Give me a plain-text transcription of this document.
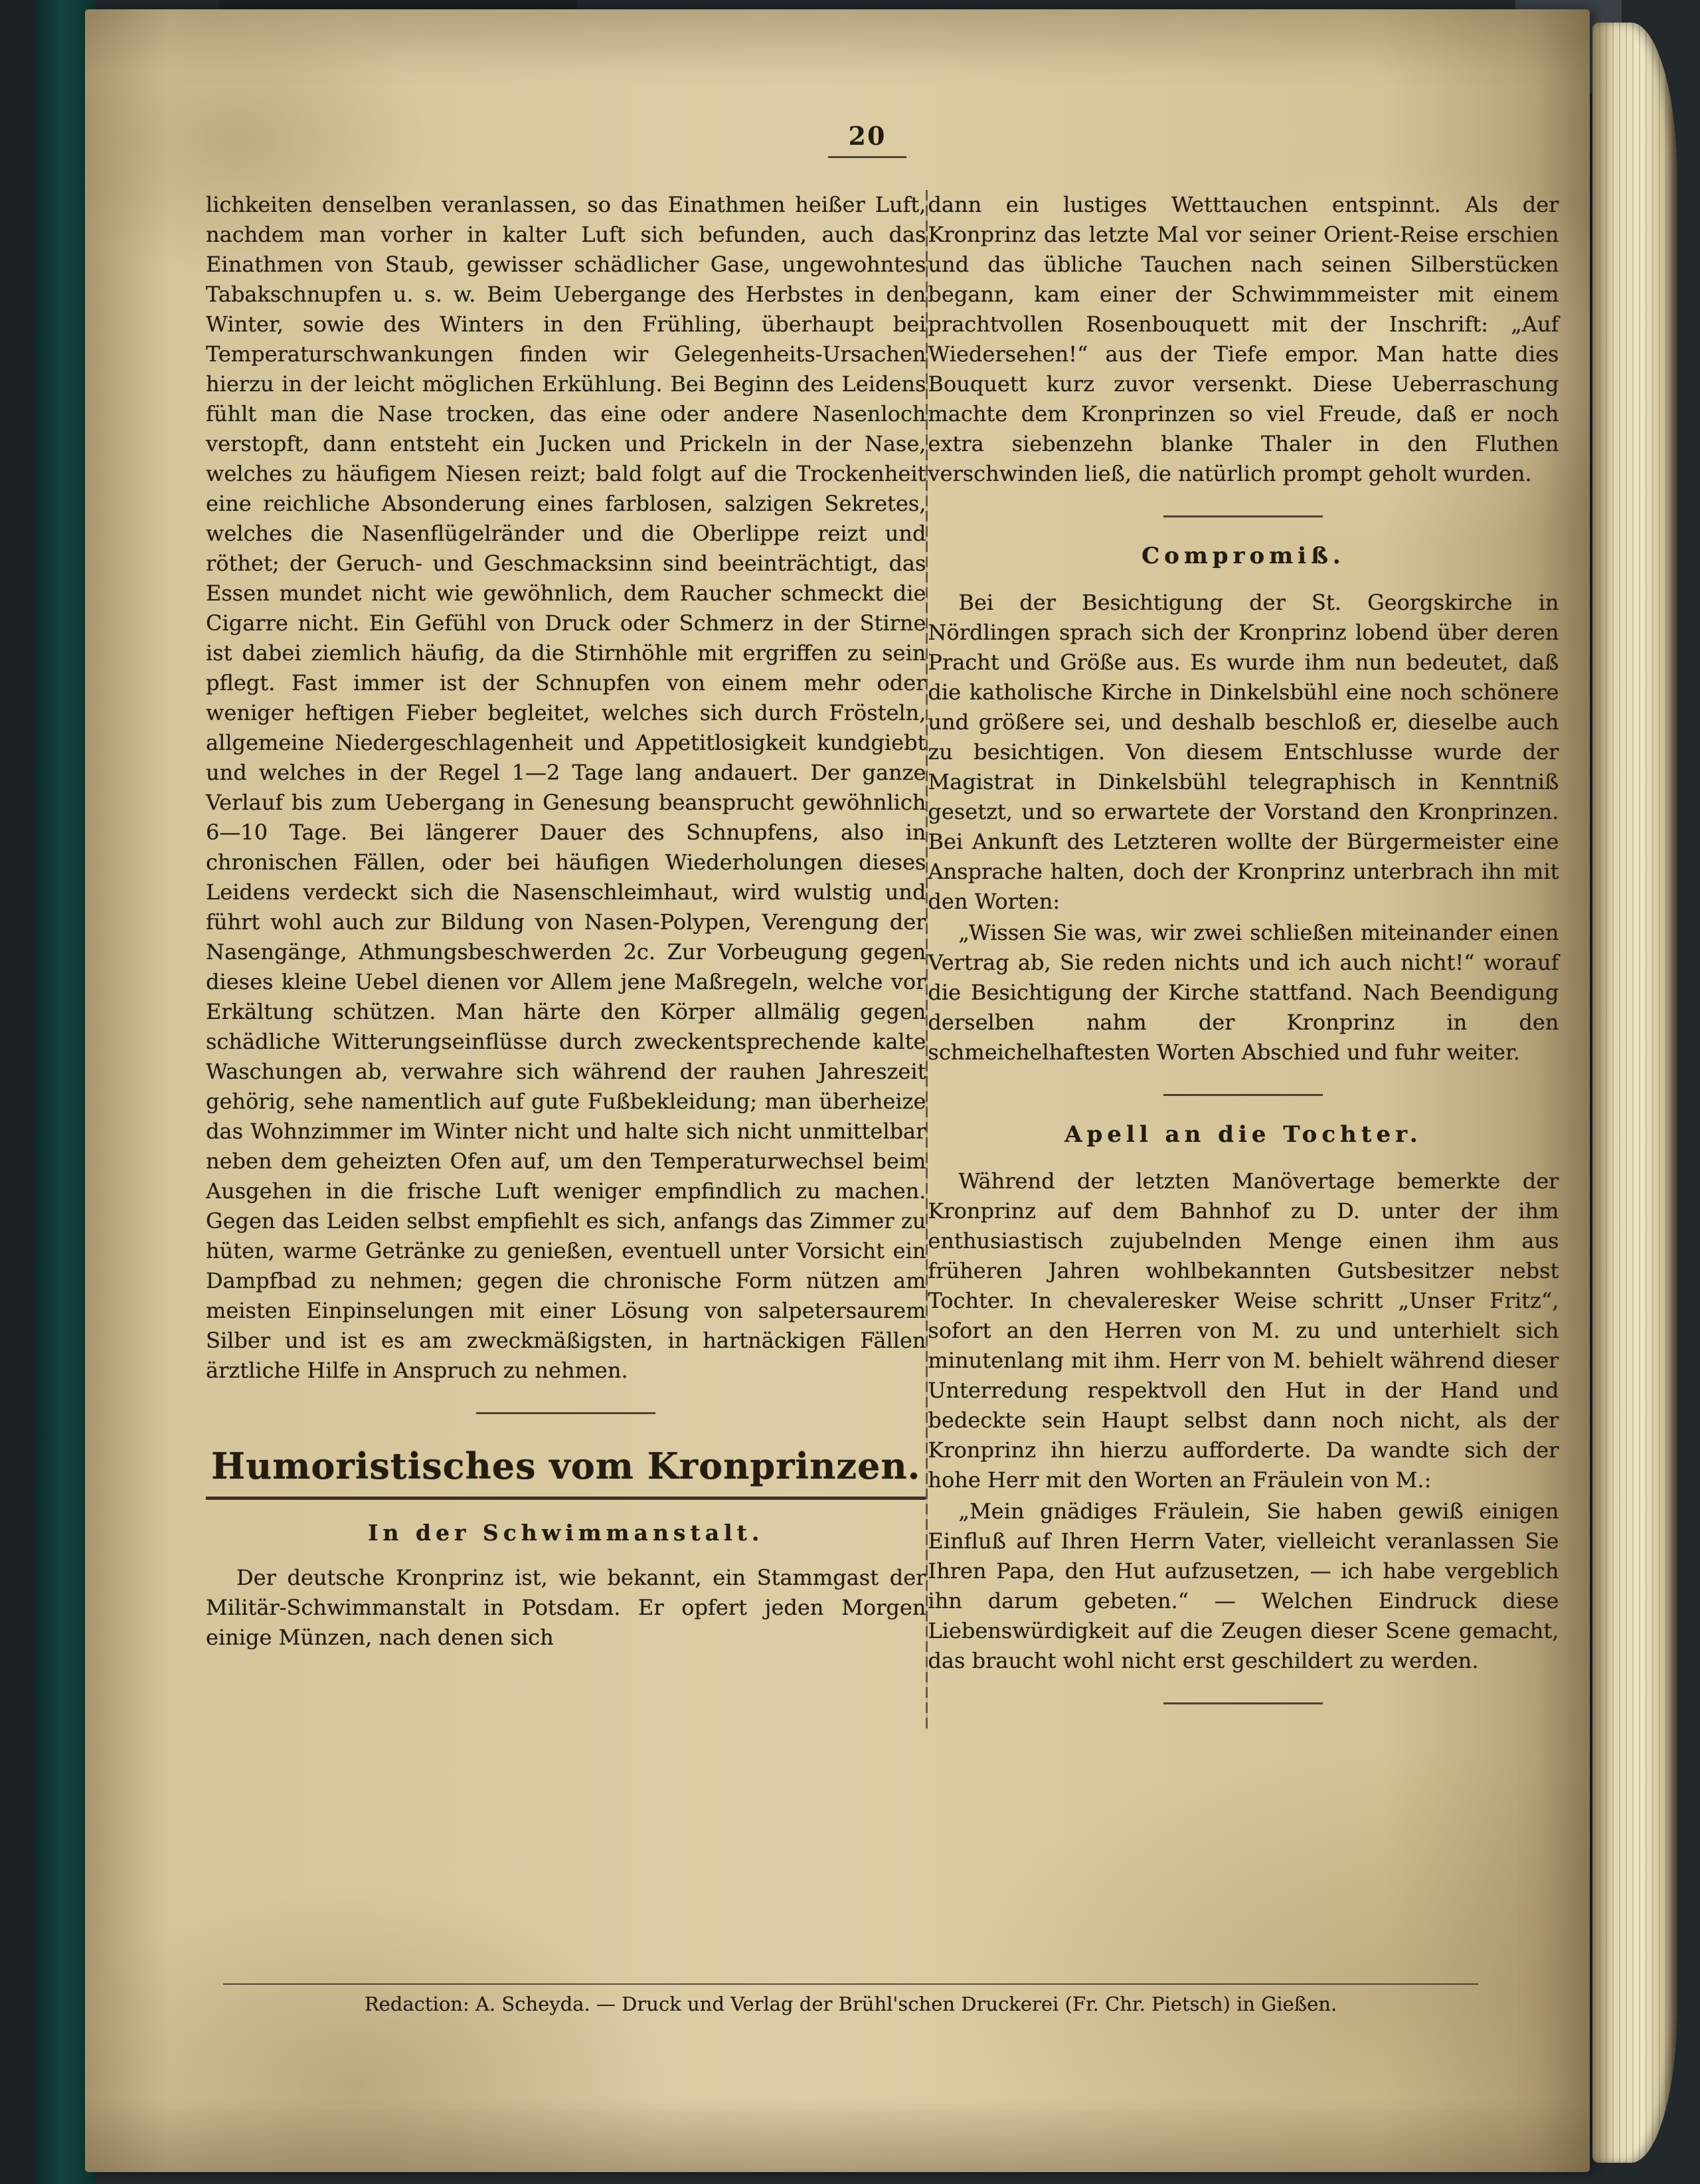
20

lichkeiten denselben veranlassen, so das Einathmen heißer Luft, nachdem man vorher in kalter Luft sich befunden, auch das Einathmen von Staub, gewisser schädlicher Gase, ungewohntes Tabakschnupfen u. s. w. Beim Uebergange des Herbstes in den Winter, sowie des Winters in den Frühling, überhaupt bei Temperaturschwankungen finden wir Gelegenheits-Ursachen hierzu in der leicht möglichen Erkühlung. Bei Beginn des Leidens fühlt man die Nase trocken, das eine oder andere Nasenloch verstopft, dann entsteht ein Jucken und Prickeln in der Nase, welches zu häufigem Niesen reizt; bald folgt auf die Trockenheit eine reichliche Absonderung eines farblosen, salzigen Sekretes, welches die Nasenflügelränder und die Oberlippe reizt und röthet; der Geruch- und Geschmacksinn sind beeinträchtigt, das Essen mundet nicht wie gewöhnlich, dem Raucher schmeckt die Cigarre nicht. Ein Gefühl von Druck oder Schmerz in der Stirne ist dabei ziemlich häufig, da die Stirnhöhle mit ergriffen zu sein pflegt. Fast immer ist der Schnupfen von einem mehr oder weniger heftigen Fieber begleitet, welches sich durch Frösteln, allgemeine Niedergeschlagenheit und Appetitlosigkeit kundgiebt und welches in der Regel 1—2 Tage lang andauert. Der ganze Verlauf bis zum Uebergang in Genesung beansprucht gewöhnlich 6—10 Tage. Bei längerer Dauer des Schnupfens, also in chronischen Fällen, oder bei häufigen Wiederholungen dieses Leidens verdeckt sich die Nasenschleimhaut, wird wulstig und führt wohl auch zur Bildung von Nasen-Polypen, Verengung der Nasengänge, Athmungsbeschwerden 2c. Zur Vorbeugung gegen dieses kleine Uebel dienen vor Allem jene Maßregeln, welche vor Erkältung schützen. Man härte den Körper allmälig gegen schädliche Witterungseinflüsse durch zweckentsprechende kalte Waschungen ab, verwahre sich während der rauhen Jahreszeit gehörig, sehe namentlich auf gute Fußbekleidung; man überheize das Wohnzimmer im Winter nicht und halte sich nicht unmittelbar neben dem geheizten Ofen auf, um den Temperaturwechsel beim Ausgehen in die frische Luft weniger empfindlich zu machen. Gegen das Leiden selbst empfiehlt es sich, anfangs das Zimmer zu hüten, warme Getränke zu genießen, eventuell unter Vorsicht ein Dampfbad zu nehmen; gegen die chronische Form nützen am meisten Einpinselungen mit einer Lösung von salpetersaurem Silber und ist es am zweckmäßigsten, in hartnäckigen Fällen ärztliche Hilfe in Anspruch zu nehmen.

Humoristisches vom Kronprinzen.
In der Schwimmanstalt.

Der deutsche Kronprinz ist, wie bekannt, ein Stammgast der Militär-Schwimmanstalt in Potsdam. Er opfert jeden Morgen einige Münzen, nach denen sich

dann ein lustiges Wetttauchen entspinnt. Als der Kronprinz das letzte Mal vor seiner Orient-Reise erschien und das übliche Tauchen nach seinen Silberstücken begann, kam einer der Schwimmmeister mit einem prachtvollen Rosenbouquett mit der Inschrift: „Auf Wiedersehen!“ aus der Tiefe empor. Man hatte dies Bouquett kurz zuvor versenkt. Diese Ueberraschung machte dem Kronprinzen so viel Freude, daß er noch extra siebenzehn blanke Thaler in den Fluthen verschwinden ließ, die natürlich prompt geholt wurden.

Compromiß.

Bei der Besichtigung der St. Georgskirche in Nördlingen sprach sich der Kronprinz lobend über deren Pracht und Größe aus. Es wurde ihm nun bedeutet, daß die katholische Kirche in Dinkelsbühl eine noch schönere und größere sei, und deshalb beschloß er, dieselbe auch zu besichtigen. Von diesem Entschlusse wurde der Magistrat in Dinkelsbühl telegraphisch in Kenntniß gesetzt, und so erwartete der Vorstand den Kronprinzen. Bei Ankunft des Letzteren wollte der Bürgermeister eine Ansprache halten, doch der Kronprinz unterbrach ihn mit den Worten:

„Wissen Sie was, wir zwei schließen miteinander einen Vertrag ab, Sie reden nichts und ich auch nicht!“ worauf die Besichtigung der Kirche stattfand. Nach Beendigung derselben nahm der Kronprinz in den schmeichelhaftesten Worten Abschied und fuhr weiter.

Apell an die Tochter.

Während der letzten Manövertage bemerkte der Kronprinz auf dem Bahnhof zu D. unter der ihm enthusiastisch zujubelnden Menge einen ihm aus früheren Jahren wohlbekannten Gutsbesitzer nebst Tochter. In chevaleresker Weise schritt „Unser Fritz“, sofort an den Herren von M. zu und unterhielt sich minutenlang mit ihm. Herr von M. behielt während dieser Unterredung respektvoll den Hut in der Hand und bedeckte sein Haupt selbst dann noch nicht, als der Kronprinz ihn hierzu aufforderte. Da wandte sich der hohe Herr mit den Worten an Fräulein von M.:

„Mein gnädiges Fräulein, Sie haben gewiß einigen Einfluß auf Ihren Herrn Vater, vielleicht veranlassen Sie Ihren Papa, den Hut aufzusetzen, — ich habe vergeblich ihn darum gebeten.“ — Welchen Eindruck diese Liebenswürdigkeit auf die Zeugen dieser Scene gemacht, das braucht wohl nicht erst geschildert zu werden.

Redaction: A. Scheyda. — Druck und Verlag der Brühl'schen Druckerei (Fr. Chr. Pietsch) in Gießen.
